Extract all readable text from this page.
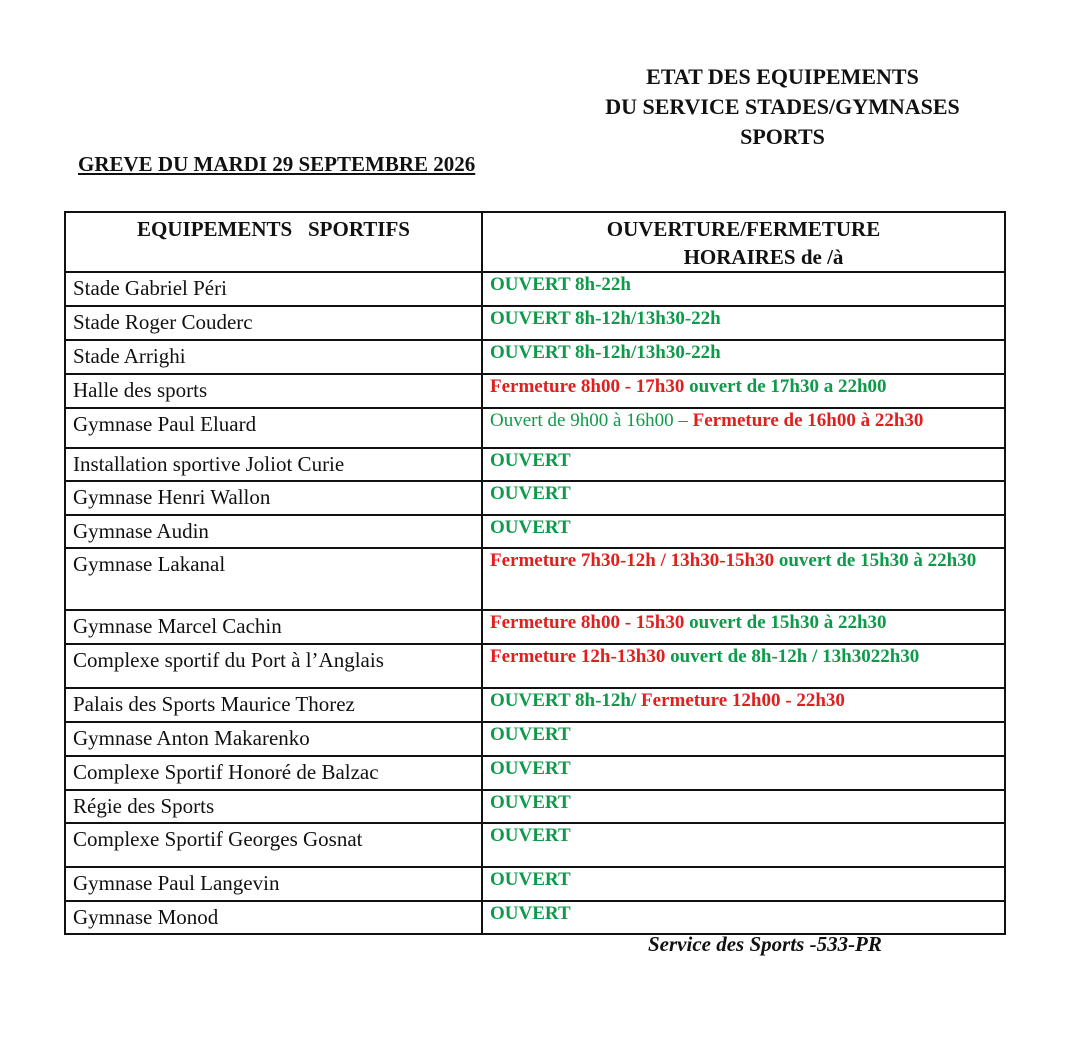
ETAT DES EQUIPEMENTS
DU SERVICE STADES/GYMNASES
SPORTS
GREVE DU MARDI 29 SEPTEMBRE 2026
EQUIPEMENTS   SPORTIFS	OUVERTURE/FERMETURE
HORAIRES de /à

Stade Gabriel Péri	OUVERT 8h-22h
Stade Roger Couderc	OUVERT 8h-12h/13h30-22h
Stade Arrighi	OUVERT 8h-12h/13h30-22h
Halle des sports	Fermeture 8h00 - 17h30 ouvert de 17h30 a 22h00
Gymnase Paul Eluard	Ouvert de 9h00 à 16h00 – Fermeture de 16h00 à 22h30
Installation sportive Joliot Curie	OUVERT
Gymnase Henri Wallon	OUVERT
Gymnase Audin	OUVERT
Gymnase Lakanal	Fermeture 7h30-12h / 13h30-15h30 ouvert de 15h30 à 22h30
Gymnase Marcel Cachin	Fermeture 8h00 - 15h30 ouvert de 15h30 à 22h30
Complexe sportif du Port à l’Anglais	Fermeture 12h-13h30 ouvert de 8h-12h / 13h3022h30
Palais des Sports Maurice Thorez	OUVERT 8h-12h/ Fermeture 12h00 - 22h30
Gymnase Anton Makarenko	OUVERT
Complexe Sportif Honoré de Balzac	OUVERT
Régie des Sports	OUVERT
Complexe Sportif Georges Gosnat	OUVERT
Gymnase Paul Langevin	OUVERT
Gymnase Monod	OUVERT
Service des Sports -533-PR
